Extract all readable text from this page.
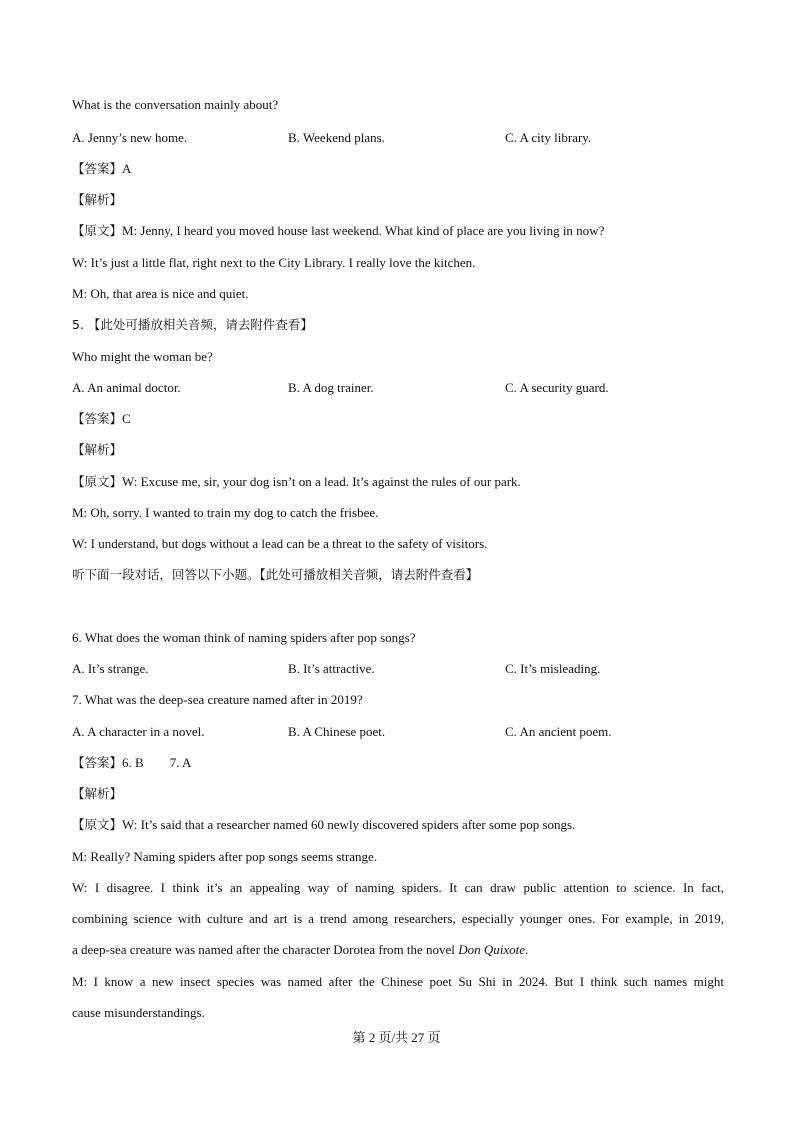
What is the conversation mainly about?
A. Jenny’s new home.	B. Weekend plans.	C. A city library.
【答案】A
【解析】
【原文】M: Jenny, I heard you moved house last weekend. What kind of place are you living in now?
W: It’s just a little flat, right next to the City Library. I really love the kitchen.
M: Oh, that area is nice and quiet.
5. 【此处可播放相关音频，请去附件查看】
Who might the woman be?
A. An animal doctor.	B. A dog trainer.	C. A security guard.
【答案】C
【解析】
【原文】W: Excuse me, sir, your dog isn’t on a lead. It’s against the rules of our park.
M: Oh, sorry. I wanted to train my dog to catch the frisbee.
W: I understand, but dogs without a lead can be a threat to the safety of visitors.
听下面一段对话，回答以下小题。【此处可播放相关音频，请去附件查看】
6. What does the woman think of naming spiders after pop songs?
A. It’s strange.	B. It’s attractive.	C. It’s misleading.
7. What was the deep-sea creature named after in 2019?
A. A character in a novel.	B. A Chinese poet.	C. An ancient poem.
【答案】6. B 7. A
【解析】
【原文】W: It’s said that a researcher named 60 newly discovered spiders after some pop songs.
M: Really? Naming spiders after pop songs seems strange.
W: I disagree. I think it’s an appealing way of naming spiders. It can draw public attention to science. In fact,
combining science with culture and art is a trend among researchers, especially younger ones. For example, in 2019,
a deep-sea creature was named after the character Dorotea from the novel Don Quixote.
M: I know a new insect species was named after the Chinese poet Su Shi in 2024. But I think such names might
cause misunderstandings.
第 2 页/共 27 页
